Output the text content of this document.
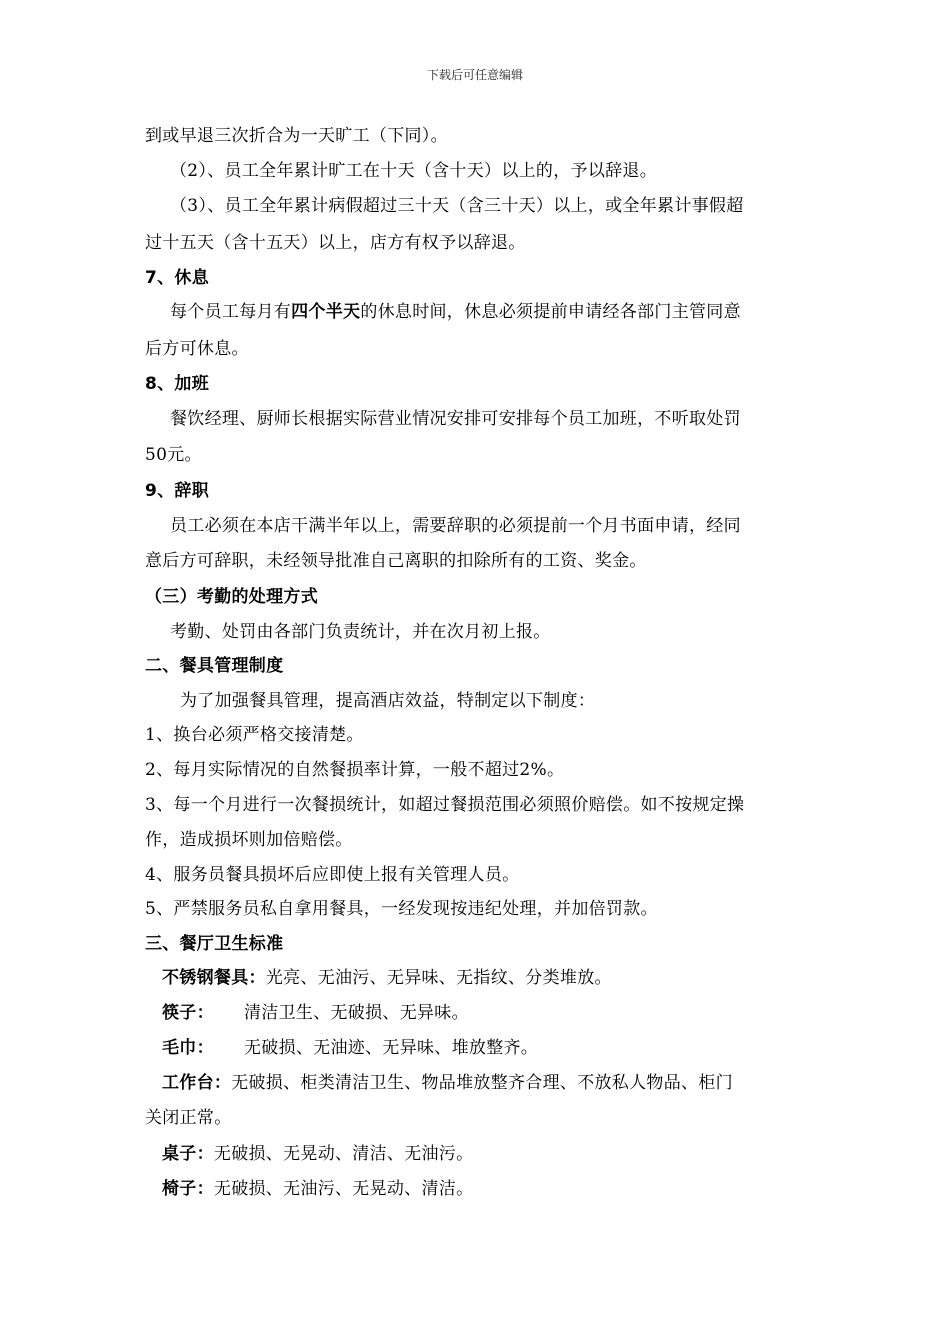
下载后可任意编辑
到或早退三次折合为一天旷工（下同）。
（2）、员工全年累计旷工在十天（含十天）以上的，予以辞退。
（3）、员工全年累计病假超过三十天（含三十天）以上，或全年累计事假超
过十五天（含十五天）以上，店方有权予以辞退。
7、休息
每个员工每月有四个半天的休息时间，休息必须提前申请经各部门主管同意
后方可休息。
8、加班
餐饮经理、厨师长根据实际营业情况安排可安排每个员工加班，不听取处罚
50元。
9、辞职
员工必须在本店干满半年以上，需要辞职的必须提前一个月书面申请，经同
意后方可辞职，未经领导批准自己离职的扣除所有的工资、奖金。
（三）考勤的处理方式
考勤、处罚由各部门负责统计，并在次月初上报。
二、餐具管理制度
为了加强餐具管理，提高酒店效益，特制定以下制度：
1、换台必须严格交接清楚。
2、每月实际情况的自然餐损率计算，一般不超过2%。
3、每一个月进行一次餐损统计，如超过餐损范围必须照价赔偿。如不按规定操
作，造成损坏则加倍赔偿。
4、服务员餐具损坏后应即使上报有关管理人员。
5、严禁服务员私自拿用餐具，一经发现按违纪处理，并加倍罚款。
三、餐厅卫生标准
不锈钢餐具：光亮、无油污、无异味、无指纹、分类堆放。
筷子： 清洁卫生、无破损、无异味。
毛巾： 无破损、无油迹、无异味、堆放整齐。
工作台：无破损、柜类清洁卫生、物品堆放整齐合理、不放私人物品、柜门
关闭正常。
桌子：无破损、无晃动、清洁、无油污。
椅子：无破损、无油污、无晃动、清洁。
